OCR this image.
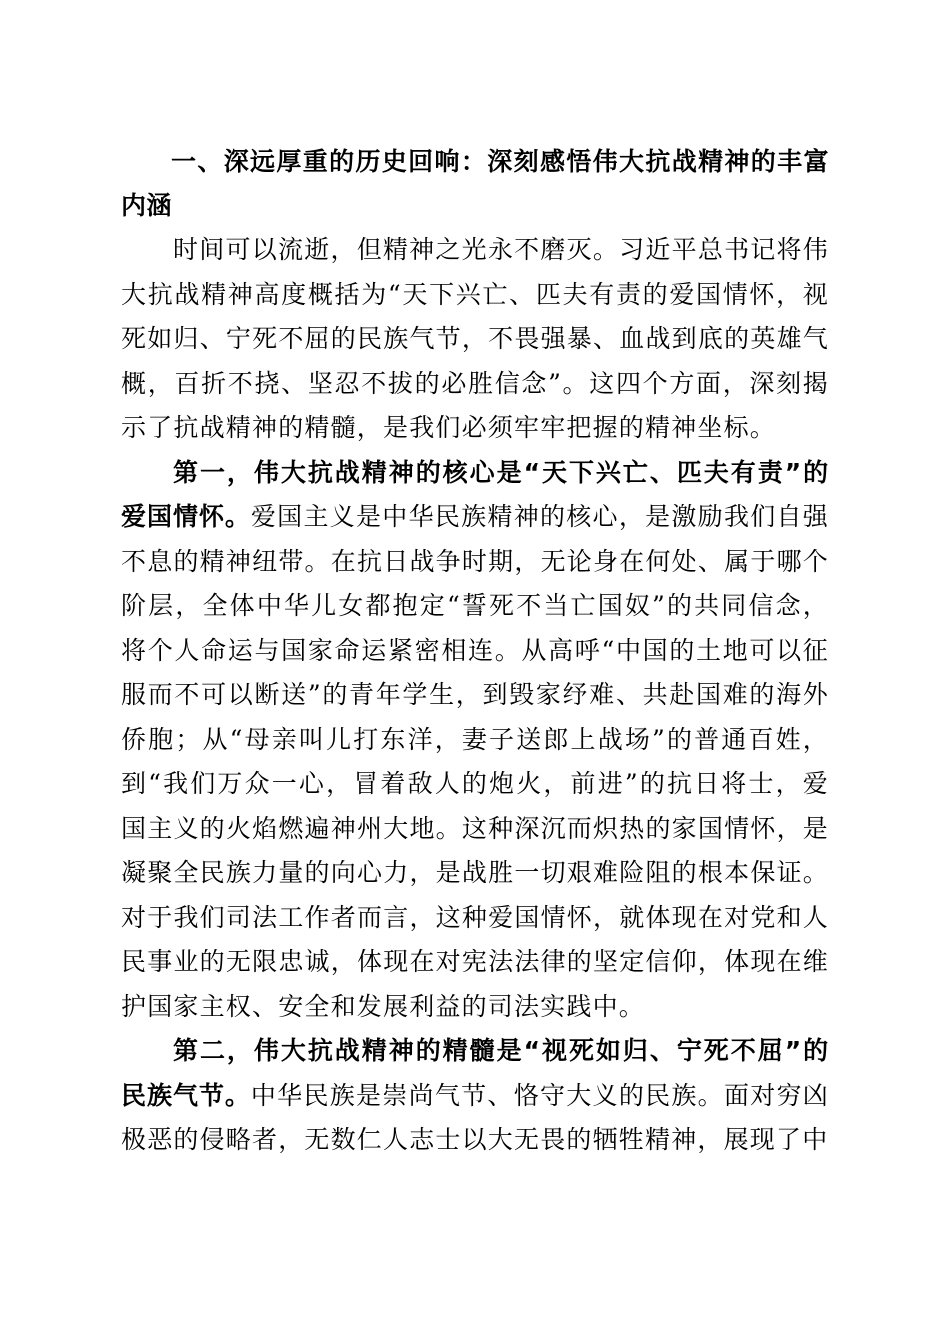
一、深远厚重的历史回响：深刻感悟伟大抗战精神的丰富内涵

时间可以流逝，但精神之光永不磨灭。习近平总书记将伟大抗战精神高度概括为“天下兴亡、匹夫有责的爱国情怀，视死如归、宁死不屈的民族气节，不畏强暴、血战到底的英雄气概，百折不挠、坚忍不拔的必胜信念”。这四个方面，深刻揭示了抗战精神的精髓，是我们必须牢牢把握的精神坐标。

第一，伟大抗战精神的核心是“天下兴亡、匹夫有责”的爱国情怀。爱国主义是中华民族精神的核心，是激励我们自强不息的精神纽带。在抗日战争时期，无论身在何处、属于哪个阶层，全体中华儿女都抱定“誓死不当亡国奴”的共同信念，将个人命运与国家命运紧密相连。从高呼“中国的土地可以征服而不可以断送”的青年学生，到毁家纾难、共赴国难的海外侨胞；从“母亲叫儿打东洋，妻子送郎上战场”的普通百姓，到“我们万众一心，冒着敌人的炮火，前进”的抗日将士，爱国主义的火焰燃遍神州大地。这种深沉而炽热的家国情怀，是凝聚全民族力量的向心力，是战胜一切艰难险阻的根本保证。对于我们司法工作者而言，这种爱国情怀，就体现在对党和人民事业的无限忠诚，体现在对宪法法律的坚定信仰，体现在维护国家主权、安全和发展利益的司法实践中。

第二，伟大抗战精神的精髓是“视死如归、宁死不屈”的民族气节。中华民族是崇尚气节、恪守大义的民族。面对穷凶极恶的侵略者，无数仁人志士以大无畏的牺牲精神，展现了中
